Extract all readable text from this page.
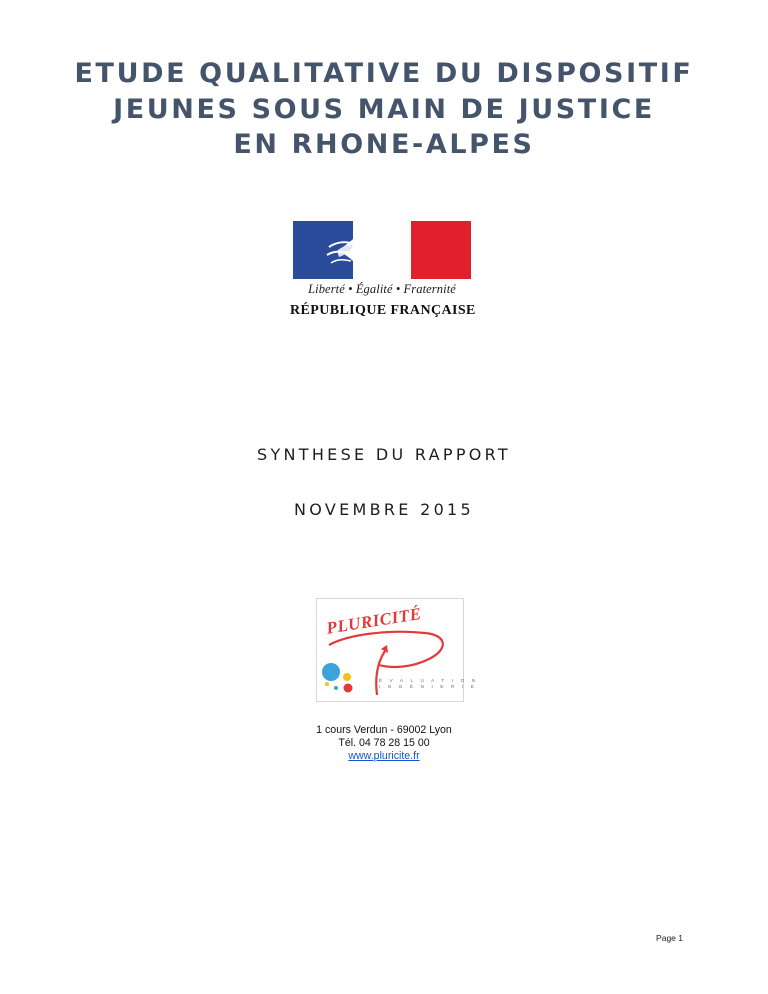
ETUDE QUALITATIVE DU DISPOSITIF
JEUNES SOUS MAIN DE JUSTICE
EN RHONE-ALPES
Liberté • Égalité • Fraternité
RÉPUBLIQUE FRANÇAISE
SYNTHESE DU RAPPORT
NOVEMBRE 2015
PLURICITÉ
É V A L U A T I O N
I N G É N I E R I E
1 cours Verdun - 69002 Lyon
Tél. 04 78 28 15 00
www.pluricite.fr
Page 1
